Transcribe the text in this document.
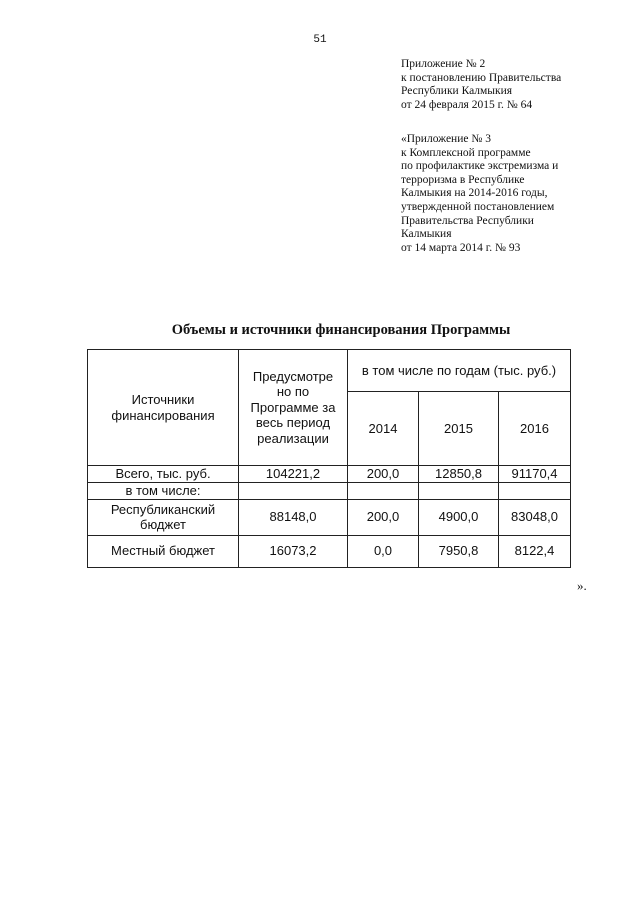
51
Приложение № 2
к постановлению Правительства
Республики Калмыкия
от 24 февраля 2015 г. № 64
«Приложение № 3
к Комплексной программе
по профилактике экстремизма и
терроризма в Республике
Калмыкия на 2014-2016 годы,
утвержденной постановлением
Правительства Республики
Калмыкия
от 14 марта 2014 г. № 93
Объемы и источники финансирования Программы
Источники финансирования	Предусмотре но по Программе за весь период реализации	в том числе по годам (тыс. руб.)		
		2014	2015	2016
Всего, тыс. руб.	104221,2	200,0	12850,8	91170,4
в том числе:				
Республиканский бюджет	88148,0	200,0	4900,0	83048,0
Местный бюджет	16073,2	0,0	7950,8	8122,4
».
